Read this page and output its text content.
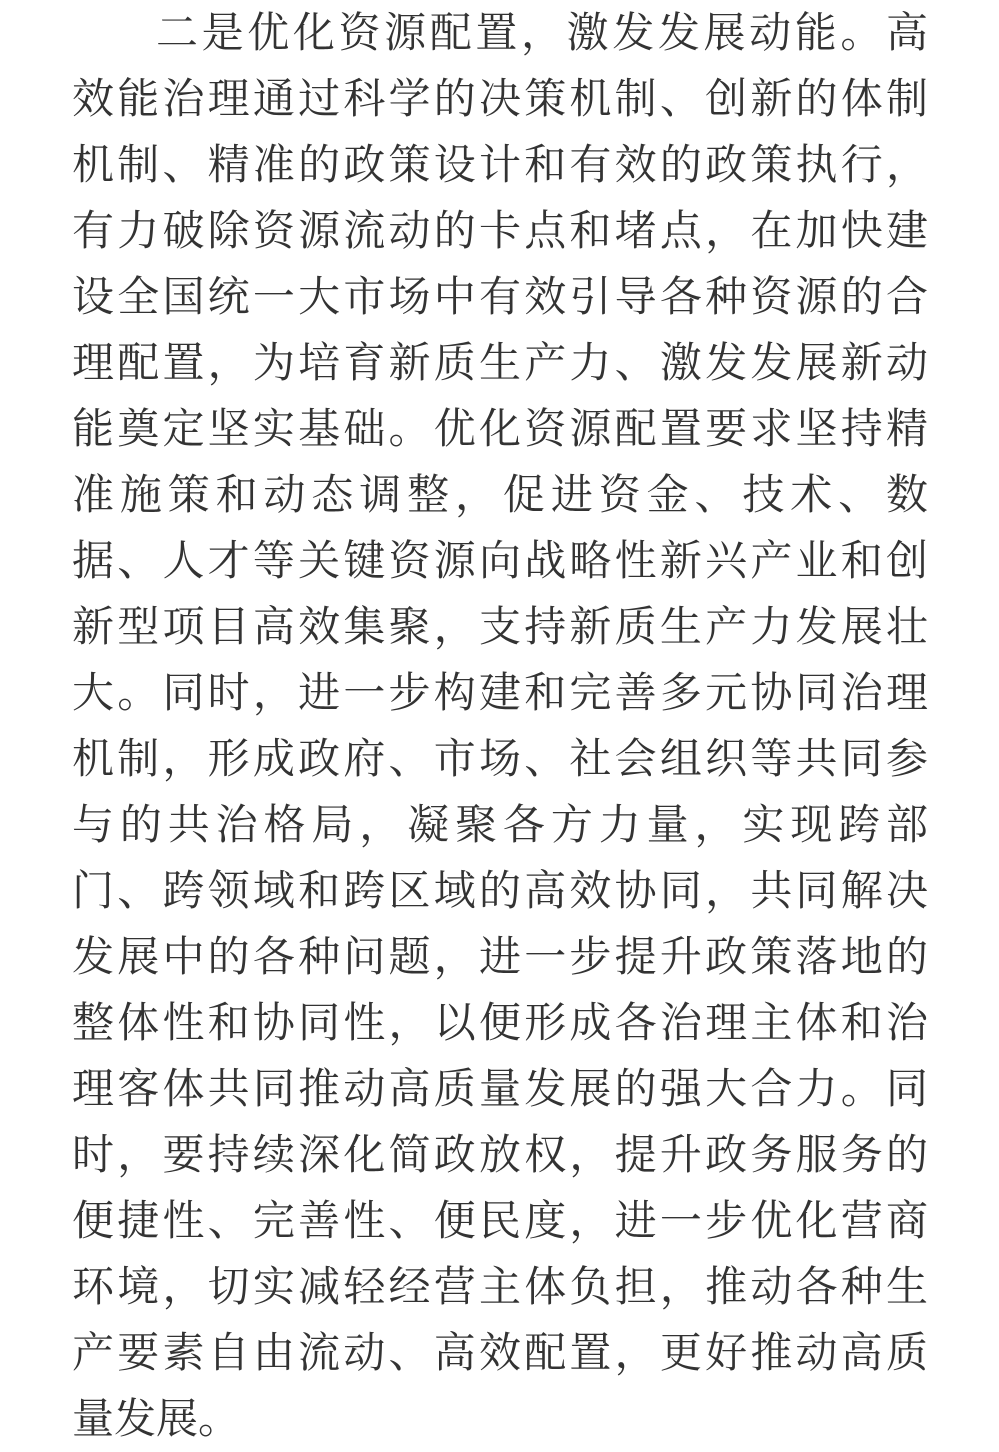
二是优化资源配置，激发发展动能。高
效能治理通过科学的决策机制、创新的体制
机制、精准的政策设计和有效的政策执行，
有力破除资源流动的卡点和堵点，在加快建
设全国统一大市场中有效引导各种资源的合
理配置，为培育新质生产力、激发发展新动
能奠定坚实基础。优化资源配置要求坚持精
准施策和动态调整，促进资金、技术、数
据、人才等关键资源向战略性新兴产业和创
新型项目高效集聚，支持新质生产力发展壮
大。同时，进一步构建和完善多元协同治理
机制，形成政府、市场、社会组织等共同参
与的共治格局，凝聚各方力量，实现跨部
门、跨领域和跨区域的高效协同，共同解决
发展中的各种问题，进一步提升政策落地的
整体性和协同性，以便形成各治理主体和治
理客体共同推动高质量发展的强大合力。同
时，要持续深化简政放权，提升政务服务的
便捷性、完善性、便民度，进一步优化营商
环境，切实减轻经营主体负担，推动各种生
产要素自由流动、高效配置，更好推动高质
量发展。
